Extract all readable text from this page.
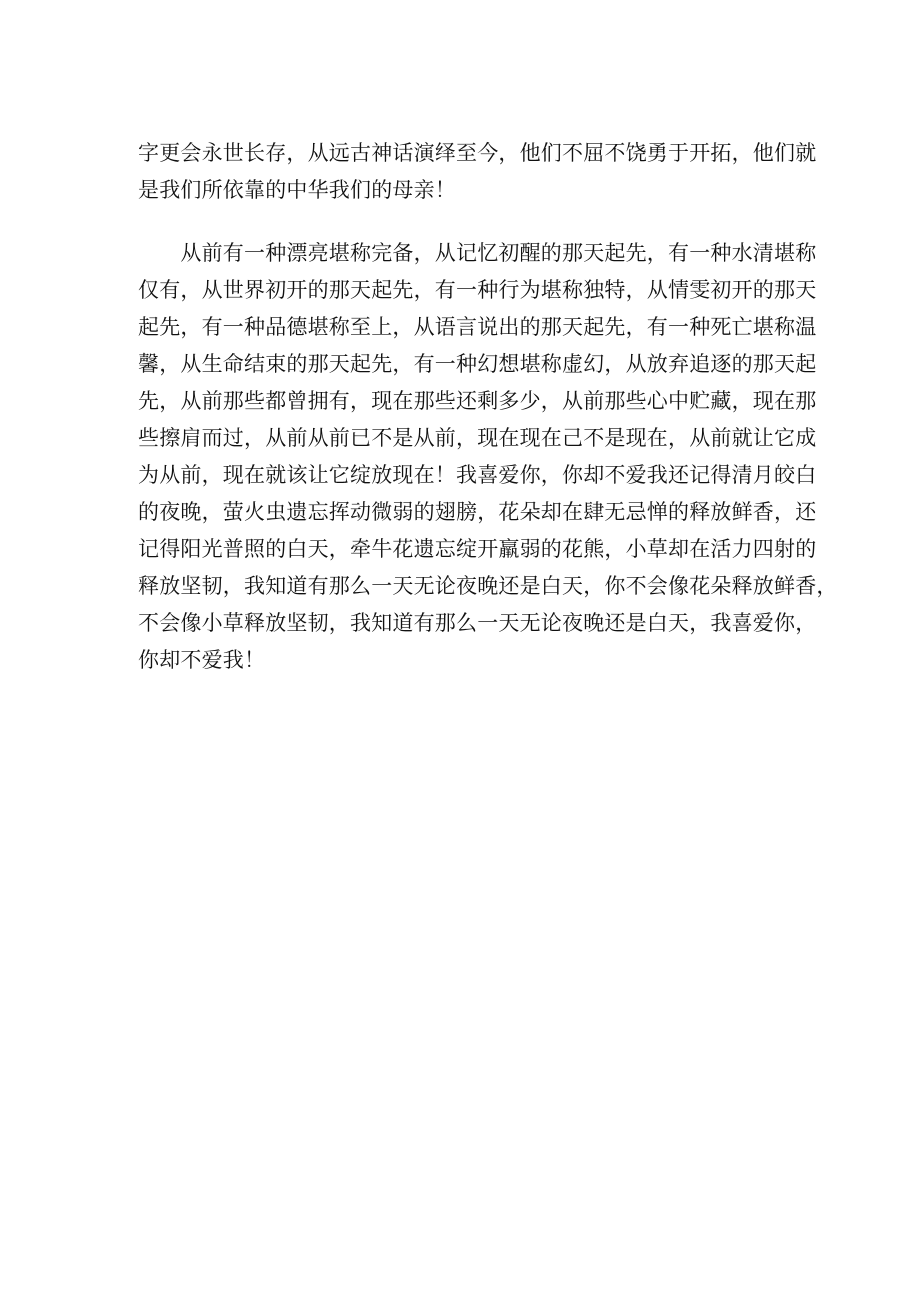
字更会永世长存，从远古神话演绎至今，他们不屈不饶勇于开拓，他们就
是我们所依靠的中华我们的母亲！
　　从前有一种漂亮堪称完备，从记忆初醒的那天起先，有一种水清堪称
仅有，从世界初开的那天起先，有一种行为堪称独特，从情雯初开的那天
起先，有一种品德堪称至上，从语言说出的那天起先，有一种死亡堪称温
馨，从生命结束的那天起先，有一种幻想堪称虚幻，从放弃追逐的那天起
先，从前那些都曾拥有，现在那些还剩多少，从前那些心中贮藏，现在那
些擦肩而过，从前从前已不是从前，现在现在己不是现在，从前就让它成
为从前，现在就该让它绽放现在！我喜爱你，你却不爱我还记得清月皎白
的夜晚，萤火虫遗忘挥动微弱的翅膀，花朵却在肆无忌惮的释放鲜香，还
记得阳光普照的白天，牵牛花遗忘绽开羸弱的花熊，小草却在活力四射的
释放坚韧，我知道有那么一天无论夜晚还是白天，你不会像花朵释放鲜香，
不会像小草释放坚韧，我知道有那么一天无论夜晚还是白天，我喜爱你，
你却不爱我！
